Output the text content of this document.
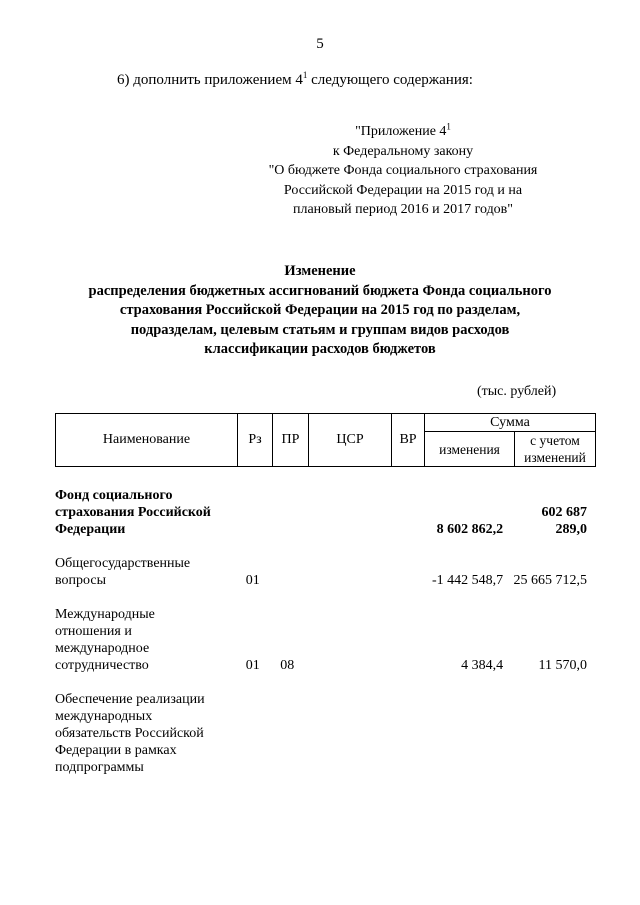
5
6) дополнить приложением $4^1$ следующего содержания:
"Приложение $4^1$
к Федеральному закону
"О бюджете Фонда социального страхования
Российской Федерации на 2015 год и на
плановый период 2016 и 2017 годов"
Изменение
распределения бюджетных ассигнований бюджета Фонда социального
страхования Российской Федерации на 2015 год по разделам,
подразделам, целевым статьям и группам видов расходов
классификации расходов бюджетов
(тыс. рублей)
Наименование	Рз	ПР	ЦСР	ВР	Сумма	
					изменения	с учетом
изменений
Фонд социального
страхования Российской
Федерации					8 602 862,2	602 687 289,0

Общегосударственные
вопросы	01				-1 442 548,7	25 665 712,5

Международные
отношения и
международное
сотрудничество	01	08			4 384,4	11 570,0

Обеспечение реализации
международных
обязательств Российской
Федерации в рамках
подпрограммы						
